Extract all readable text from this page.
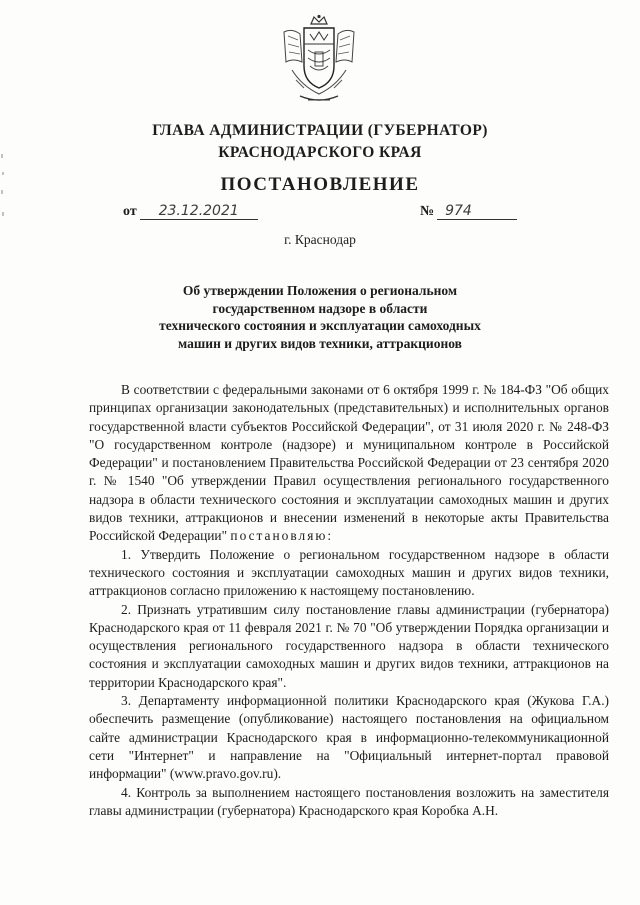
ГЛАВА АДМИНИСТРАЦИИ (ГУБЕРНАТОР)
КРАСНОДАРСКОГО КРАЯ
ПОСТАНОВЛЕНИЕ
от 23.12.2021	№ 974
г. Краснодар
Об утверждении Положения о региональном
государственном надзоре в области
технического состояния и эксплуатации самоходных
машин и других видов техники, аттракционов

В соответствии с федеральными законами от 6 октября 1999 г. № 184-ФЗ "Об общих принципах организации законодательных (представительных) и исполнительных органов государственной власти субъектов Российской Федерации", от 31 июля 2020 г. № 248-ФЗ "О государственном контроле (надзоре) и муниципальном контроле в Российской Федерации" и постановлением Правительства Российской Федерации от 23 сентября 2020 г. № 1540 "Об утверждении Правил осуществления регионального государственного надзора в области технического состояния и эксплуатации самоходных машин и других видов техники, аттракционов и внесении изменений в некоторые акты Правительства Российской Федерации" постановляю:

1. Утвердить Положение о региональном государственном надзоре в области технического состояния и эксплуатации самоходных машин и других видов техники, аттракционов согласно приложению к настоящему постановлению.

2. Признать утратившим силу постановление главы администрации (губернатора) Краснодарского края от 11 февраля 2021 г. № 70 "Об утверждении Порядка организации и осуществления регионального государственного надзора в области технического состояния и эксплуатации самоходных машин и других видов техники, аттракционов на территории Краснодарского края".

3. Департаменту информационной политики Краснодарского края (Жукова Г.А.) обеспечить размещение (опубликование) настоящего постановления на официальном сайте администрации Краснодарского края в информационно-телекоммуникационной сети "Интернет" и направление на "Официальный интернет-портал правовой информации" (www.pravo.gov.ru).

4. Контроль за выполнением настоящего постановления возложить на заместителя главы администрации (губернатора) Краснодарского края Коробка А.Н.
